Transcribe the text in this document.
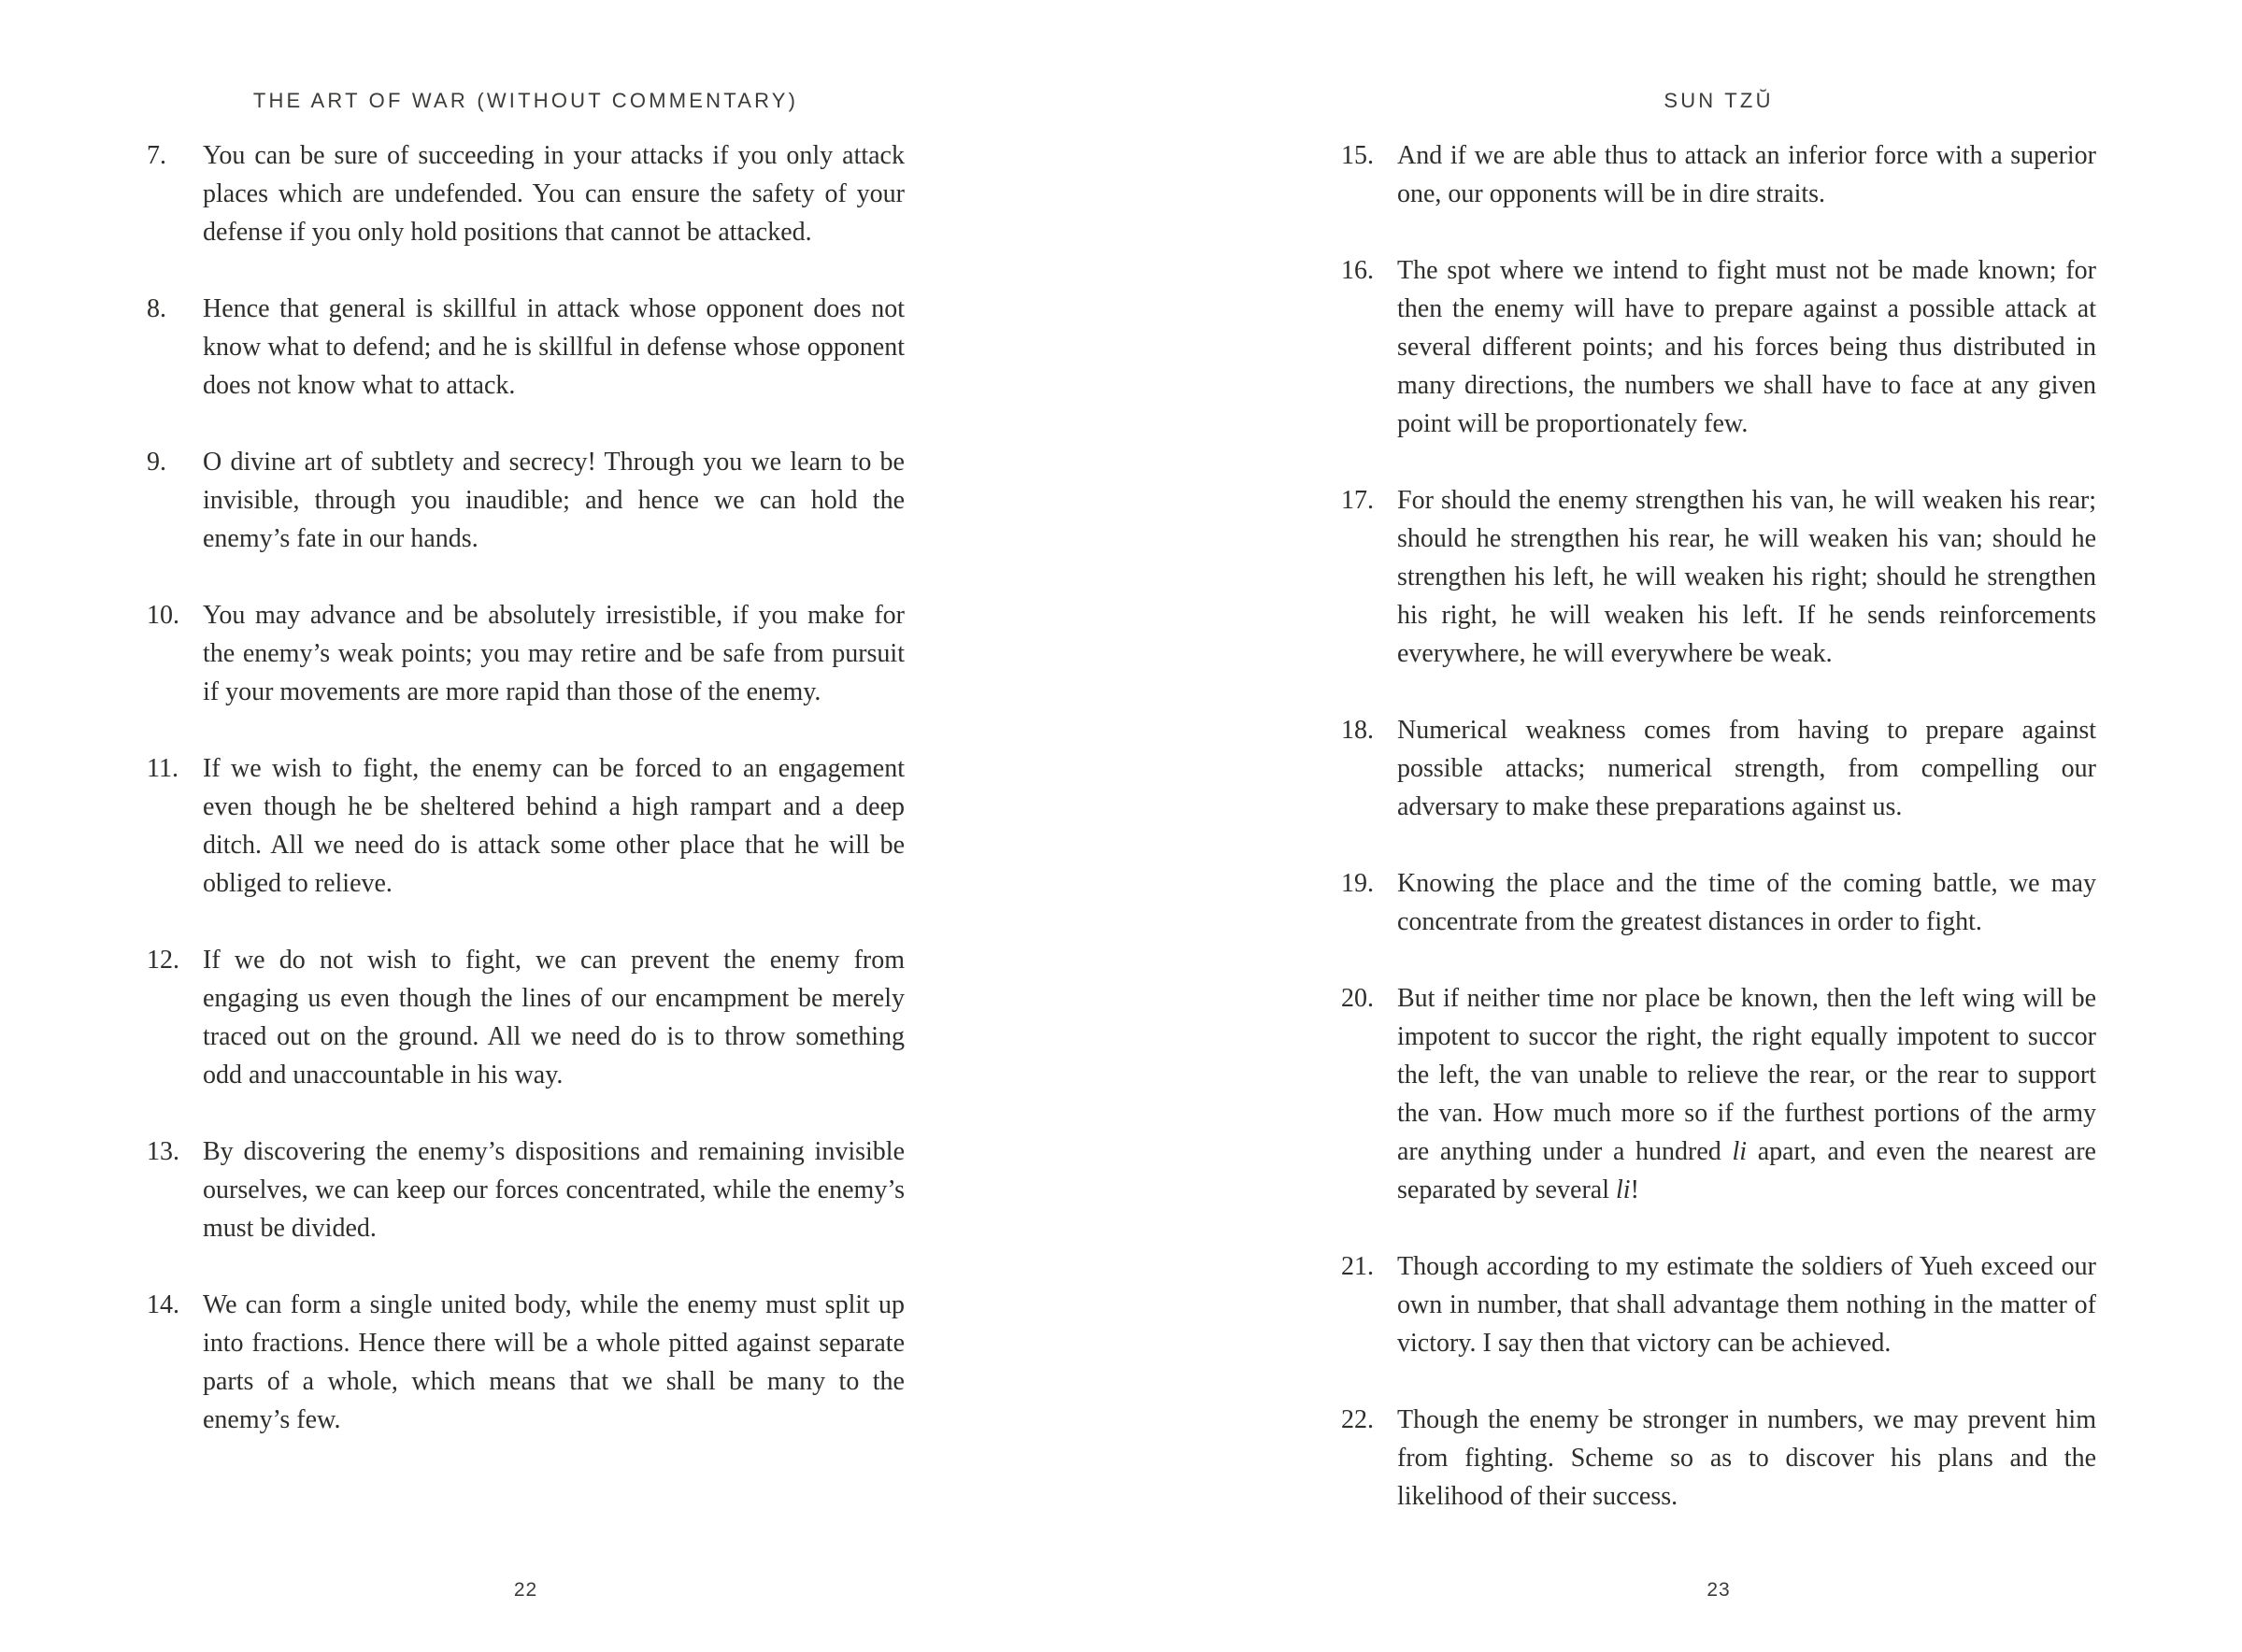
THE ART OF WAR (WITHOUT COMMENTARY)
7.	You can be sure of succeeding in your attacks if you only attack places which are undefended. You can ensure the safety of your defense if you only hold positions that cannot be attacked.

8.	Hence that general is skillful in attack whose opponent does not know what to defend; and he is skillful in defense whose opponent does not know what to attack.

9.	O divine art of subtlety and secrecy! Through you we learn to be invisible, through you inaudible; and hence we can hold the enemy’s fate in our hands.

10. You may advance and be absolutely irresistible, if you make for the enemy’s weak points; you may retire and be safe from pursuit if your movements are more rapid than those of the enemy.

11. If we wish to fight, the enemy can be forced to an engagement even though he be sheltered behind a high rampart and a deep ditch. All we need do is attack some other place that he will be obliged to relieve.

12. If we do not wish to fight, we can prevent the enemy from engaging us even though the lines of our encampment be merely traced out on the ground. All we need do is to throw something odd and unaccountable in his way.

13. By discovering the enemy’s dispositions and remaining invisible ourselves, we can keep our forces concentrated, while the enemy’s must be divided.

14. We can form a single united body, while the enemy must split up into fractions. Hence there will be a whole pitted against separate parts of a whole, which means that we shall be many to the enemy’s few.

22
SUN TZŬ
15. And if we are able thus to attack an inferior force with a superior one, our opponents will be in dire straits.

16. The spot where we intend to fight must not be made known; for then the enemy will have to prepare against a possible attack at several different points; and his forces being thus distributed in many directions, the numbers we shall have to face at any given point will be proportionately few.

17. For should the enemy strengthen his van, he will weaken his rear; should he strengthen his rear, he will weaken his van; should he strengthen his left, he will weaken his right; should he strengthen his right, he will weaken his left. If he sends reinforcements everywhere, he will everywhere be weak.

18. Numerical weakness comes from having to prepare against possible attacks; numerical strength, from compelling our adversary to make these preparations against us.

19. Knowing the place and the time of the coming battle, we may concentrate from the greatest distances in order to fight.

20. But if neither time nor place be known, then the left wing will be impotent to succor the right, the right equally impotent to succor the left, the van unable to relieve the rear, or the rear to support the van. How much more so if the furthest portions of the army are anything under a hundred li apart, and even the nearest are separated by several li!

21. Though according to my estimate the soldiers of Yueh exceed our own in number, that shall advantage them nothing in the matter of victory. I say then that victory can be achieved.

22. Though the enemy be stronger in numbers, we may prevent him from fighting. Scheme so as to discover his plans and the likelihood of their success.

23
